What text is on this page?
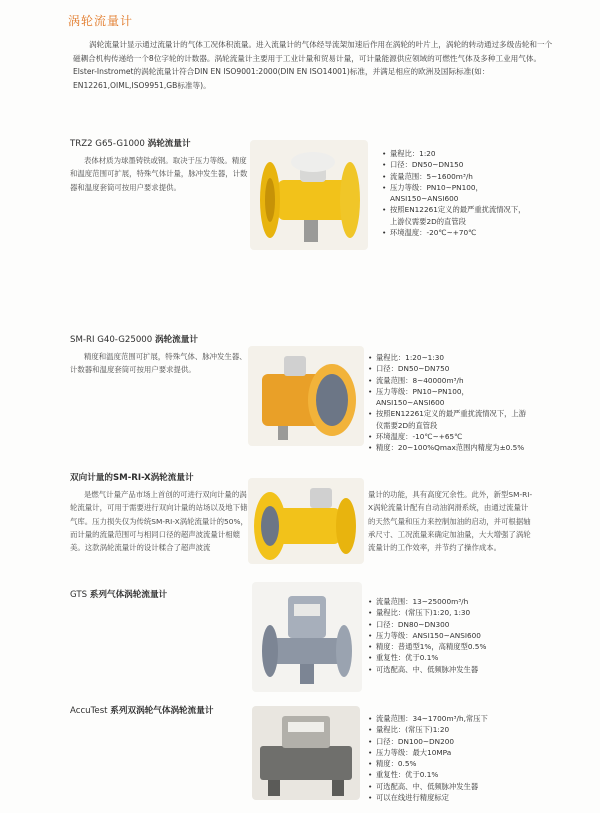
涡轮流量计
涡轮流量计显示通过流量计的气体工况体积流量。进入流量计的气体经导流架加速后作用在涡轮的叶片上，涡轮的转动通过多级齿轮和一个磁耦合机构传递给一个8位字轮的计数器。涡轮流量计主要用于工业计量和贸易计量，可计量能源供应领域的可燃性气体及多种工业用气体。Elster-Instromet的涡轮流量计符合DIN EN ISO9001:2000(DIN EN ISO14001)标准，并满足相应的欧洲及国际标准(如：EN12261,OIML,ISO9951,GB标准等)。
TRZ2 G65-G1000 涡轮流量计
表体材质为球墨铸铁或钢。取决于压力等级。精度和温度范围可扩展，特殊气体计量，脉冲发生器，计数器和温度套筒可按用户要求提供。
• 量程比：1:20
• 口径：DN50~DN150
• 流量范围：5~1600m³/h
• 压力等级：PN10~PN100，ANSI150~ANSI600
• 按照EN12261定义的最严重扰流情况下，上游仪需要2D的直管段
• 环境温度：-20℃~+70℃
SM-RI G40-G25000 涡轮流量计
精度和温度范围可扩展，特殊气体、脉冲发生器、计数器和温度套筒可按用户要求提供。
• 量程比：1:20~1:30
• 口径：DN50~DN750
• 流量范围：8~40000m³/h
• 压力等级：PN10~PN100，ANSI150~ANSI600
• 按照EN12261定义的最严重扰流情况下，上游仪需要2D的直管段
• 环境温度：-10℃~+65℃
• 精度：20~100%Qmax范围内精度为±0.5%
双向计量的SM-RI-X涡轮流量计
是燃气计量产品市场上首创的可进行双向计量的涡轮流量计，可用于需要进行双向计量的站场以及地下储气库。压力损失仅为传统SM-RI-X涡轮流量计的50%，而计量的流量范围可与相同口径的超声波流量计相媲美。这款涡轮流量计的设计糅合了超声波流
量计的功能，具有高度冗余性。此外，新型SM-RI-X涡轮流量计配有自动油润滑系统，由通过流量计的天然气量和压力来控制加油的启动，并可根据轴承尺寸、工况流量来确定加油量，大大增强了涡轮流量计的工作效率，并节约了操作成本。
GTS 系列气体涡轮流量计
• 流量范围：13~25000m³/h
• 量程比：(常压下)1:20, 1:30
• 口径：DN80~DN300
• 压力等级：ANSI150~ANSI600
• 精度：普通型1%，高精度型0.5%
• 重复性：优于0.1%
• 可选配高、中、低频脉冲发生器
AccuTest 系列双涡轮气体涡轮流量计
• 流量范围：34~1700m³/h,常压下
• 量程比：(常压下)1:20
• 口径：DN100~DN200
• 压力等级：最大10MPa
• 精度：0.5%
• 重复性：优于0.1%
• 可选配高、中、低频脉冲发生器
• 可以在线进行精度标定
